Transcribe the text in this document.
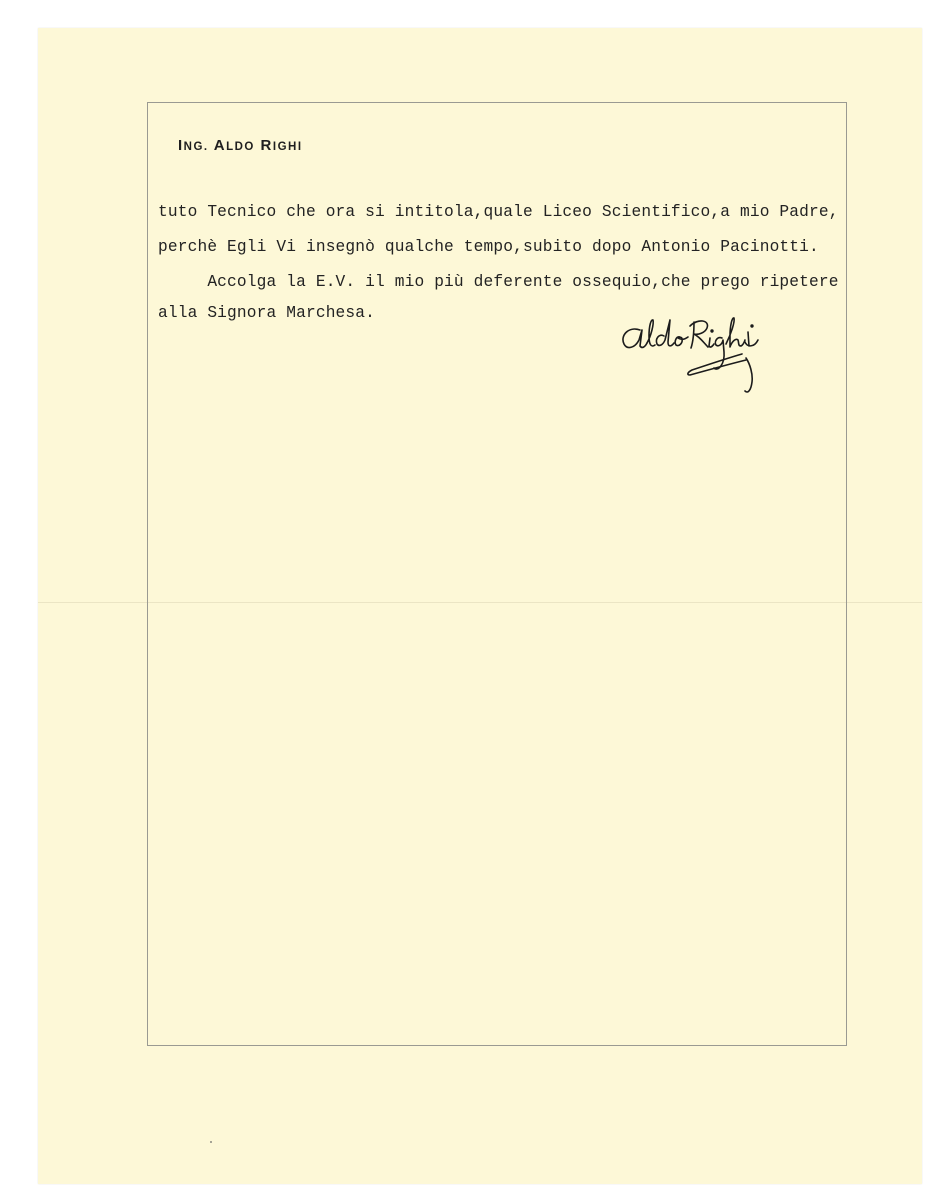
ING. ALDO RIGHI
tuto Tecnico che ora si intitola,quale Liceo Scientifico,a mio Padre,
perchè Egli Vi insegnò qualche tempo,subito dopo Antonio Pacinotti.
Accolga la E.V. il mio più deferente ossequio,che prego ripetere
alla Signora Marchesa.
